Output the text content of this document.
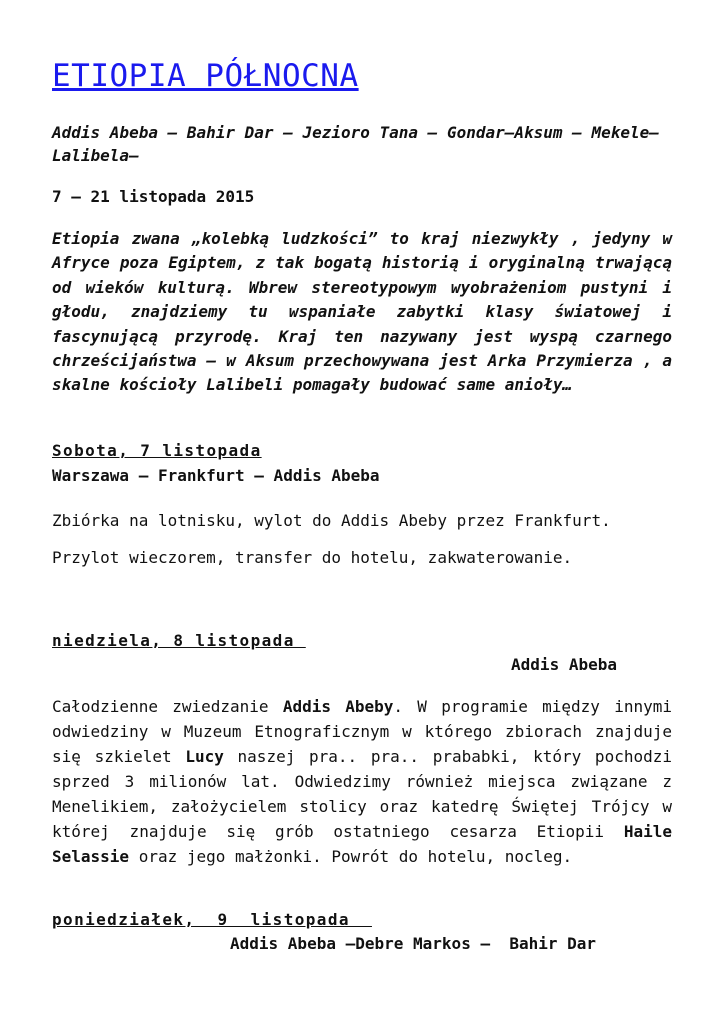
ETIOPIA PÓŁNOCNA

Addis Abeba – Bahir Dar – Jezioro Tana – Gondar–Aksum – Mekele– Lalibela–

7 – 21 listopada 2015

Etiopia zwana „kolebką ludzkości” to kraj niezwykły , jedyny w Afryce poza Egiptem, z tak bogatą historią i oryginalną trwającą od wieków kulturą. Wbrew stereotypowym wyobrażeniom pustyni i głodu, znajdziemy tu wspaniałe zabytki klasy światowej i fascynującą przyrodę. Kraj ten nazywany jest wyspą czarnego chrześcijaństwa – w Aksum przechowywana jest Arka Przymierza , a skalne kościoły Lalibeli pomagały budować same anioły…

Sobota, 7 listopada

Warszawa – Frankfurt – Addis Abeba

Zbiórka na lotnisku, wylot do Addis Abeby przez Frankfurt.

Przylot wieczorem, transfer do hotelu, zakwaterowanie.

niedziela, 8 listopada

Addis Abeba

Całodzienne zwiedzanie Addis Abeby. W programie między innymi odwiedziny w Muzeum Etnograficznym w którego zbiorach znajduje się szkielet Lucy naszej pra.. pra.. prababki, który pochodzi sprzed 3 milionów lat. Odwiedzimy również miejsca związane z Menelikiem, założycielem stolicy oraz katedrę Świętej Trójcy w której znajduje się grób ostatniego cesarza Etiopii Haile Selassie oraz jego małżonki. Powrót do hotelu, nocleg.

poniedziałek,  9  listopada

Addis Abeba –Debre Markos –  Bahir Dar
